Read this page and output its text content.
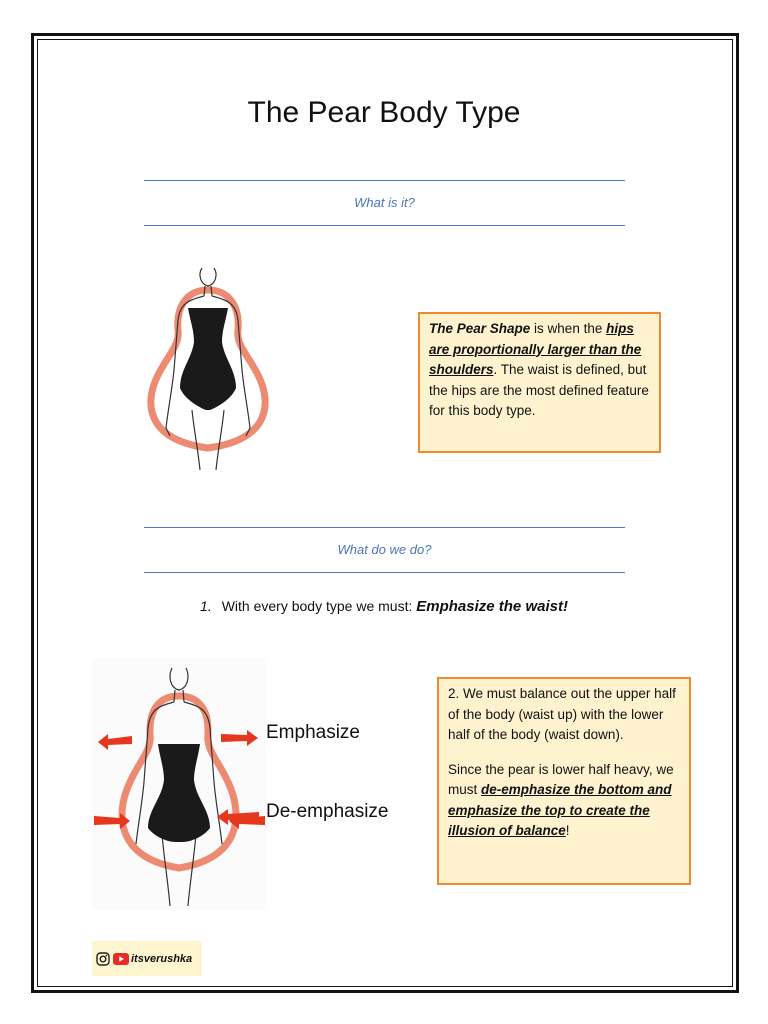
The Pear Body Type
What is it?
The Pear Shape is when the hips are proportionally larger than the shoulders. The waist is defined, but the hips are the most defined feature for this body type.
What do we do?
1. With every body type we must: Emphasize the waist!
Emphasize
De-emphasize
2. We must balance out the upper half of the body (waist up) with the lower half of the body (waist down).
Since the pear is lower half heavy, we must de-emphasize the bottom and emphasize the top to create the illusion of balance!
itsverushka
